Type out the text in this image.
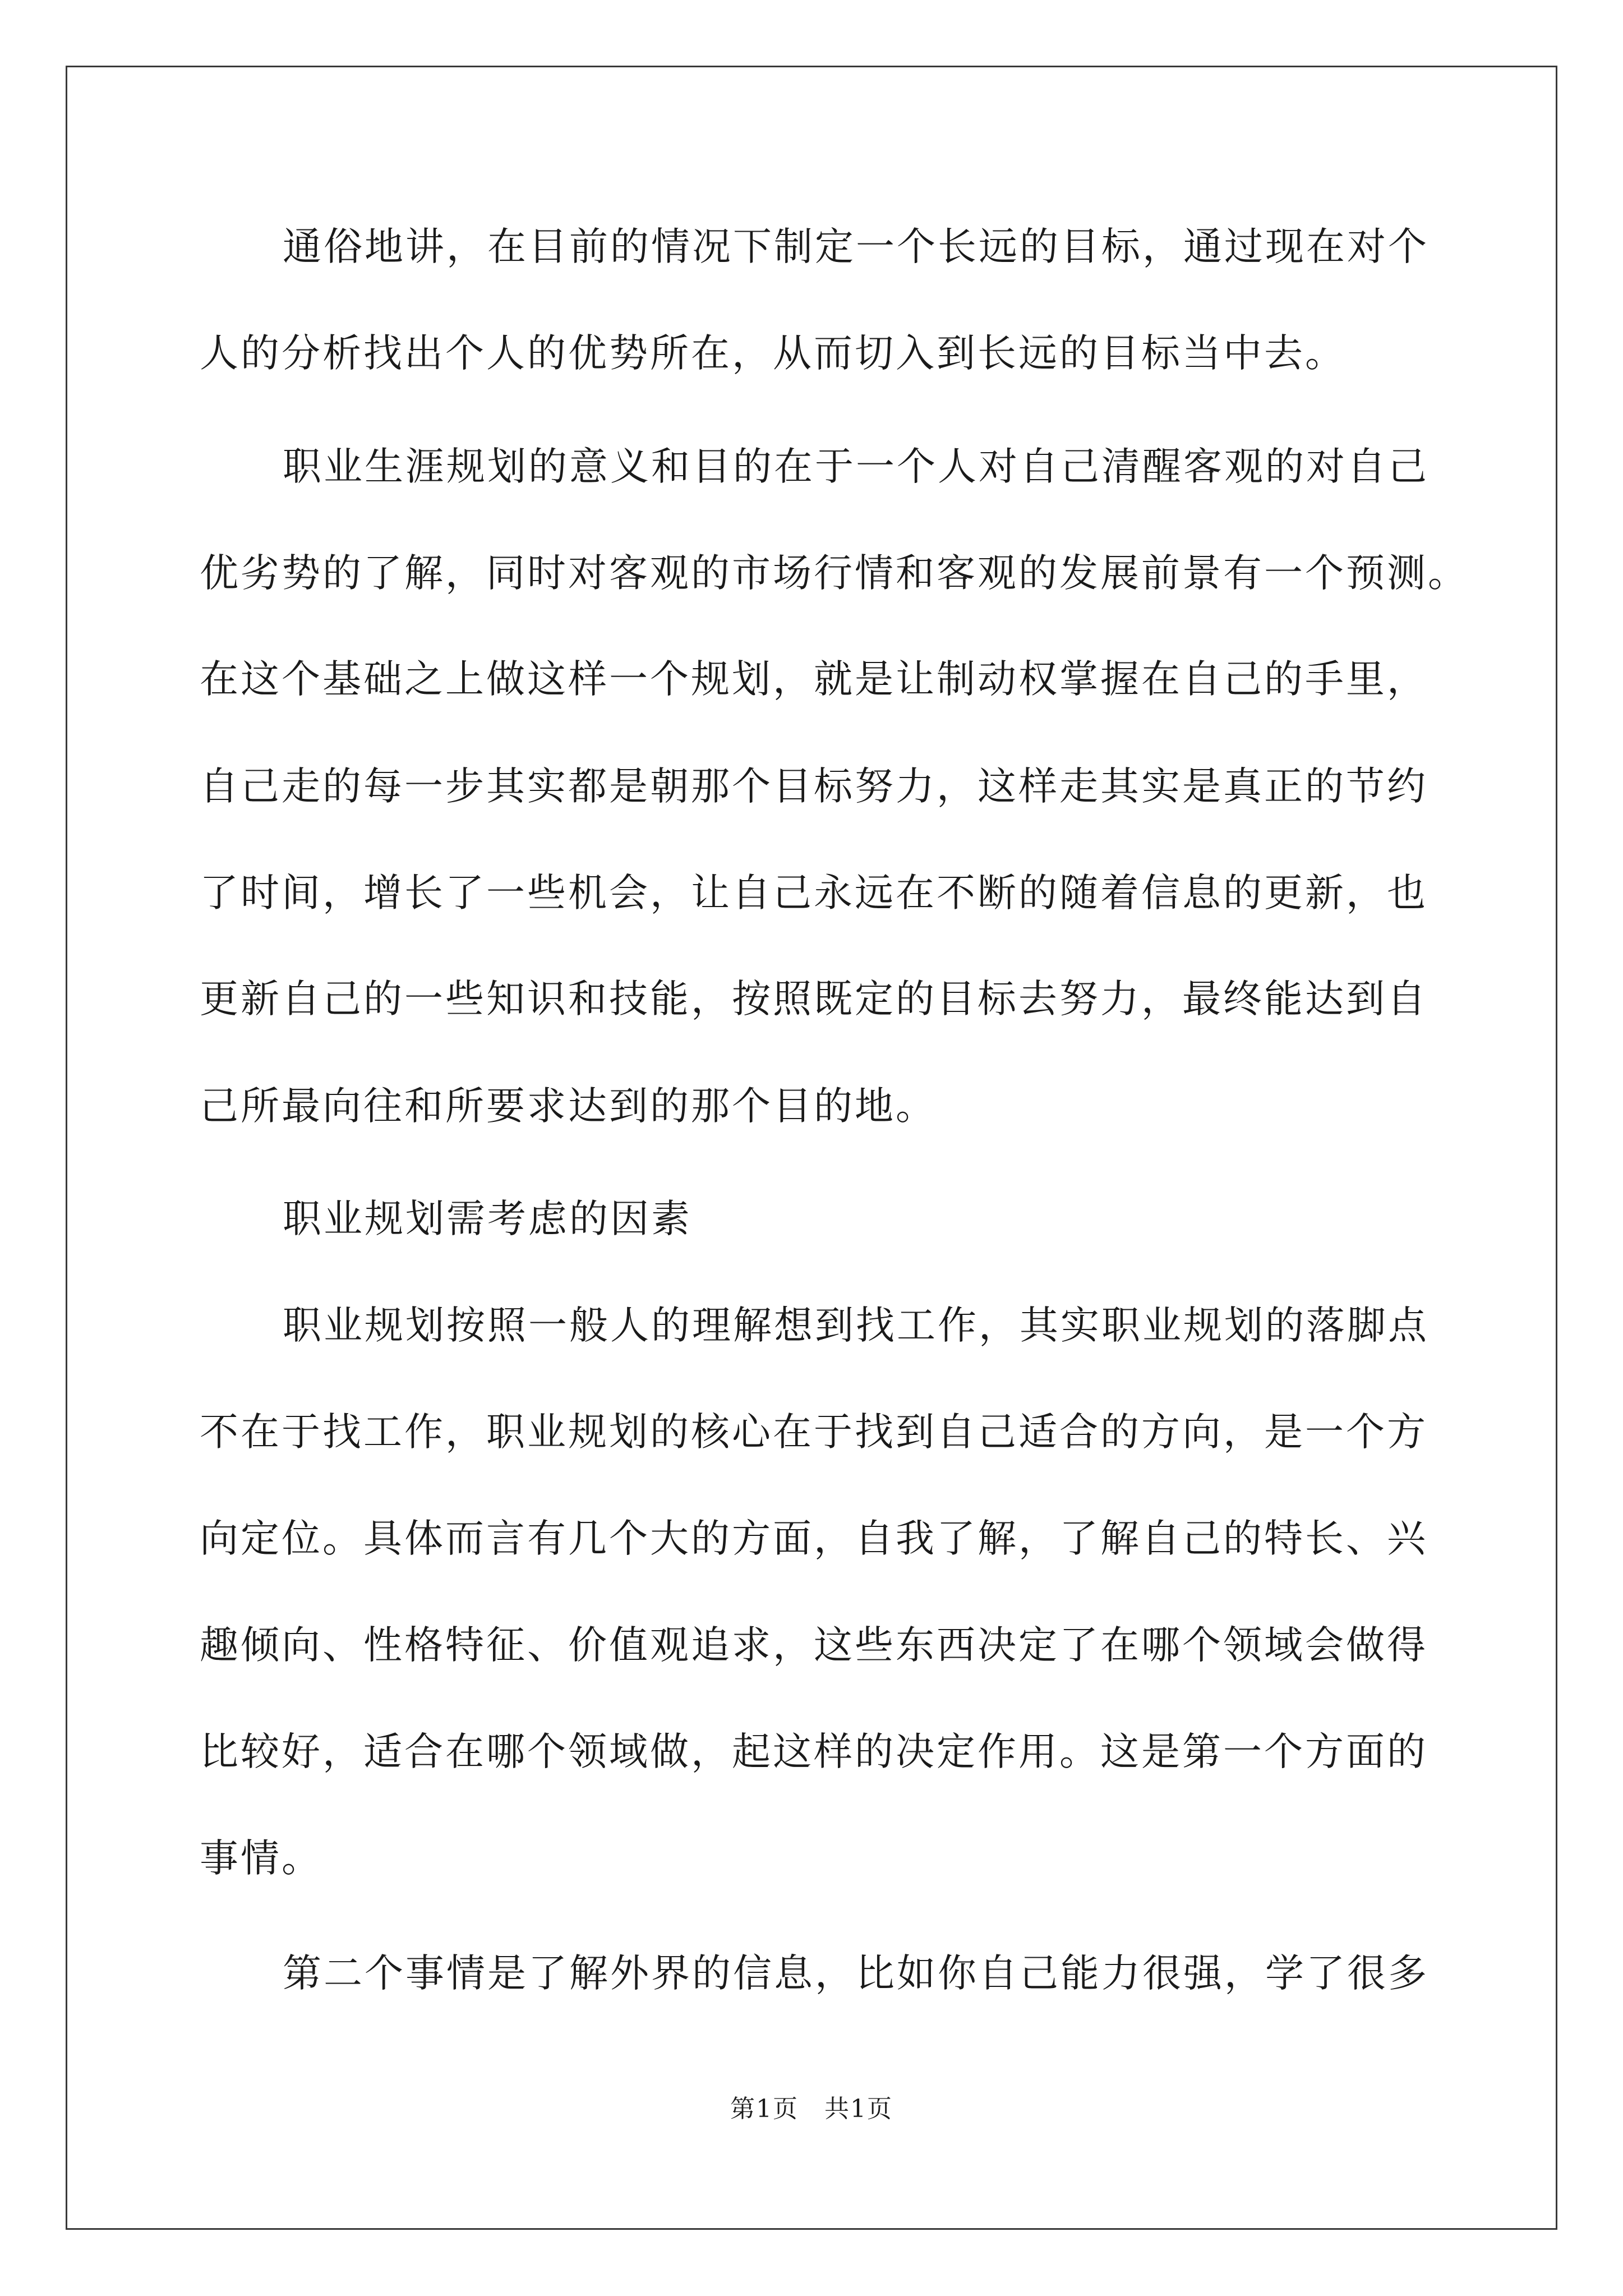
通俗地讲，在目前的情况下制定一个长远的目标，通过现在对个
人的分析找出个人的优势所在，从而切入到长远的目标当中去。
职业生涯规划的意义和目的在于一个人对自己清醒客观的对自己
优劣势的了解，同时对客观的市场行情和客观的发展前景有一个预测。
在这个基础之上做这样一个规划，就是让制动权掌握在自己的手里，
自己走的每一步其实都是朝那个目标努力，这样走其实是真正的节约
了时间，增长了一些机会，让自己永远在不断的随着信息的更新，也
更新自己的一些知识和技能，按照既定的目标去努力，最终能达到自
己所最向往和所要求达到的那个目的地。
职业规划需考虑的因素
职业规划按照一般人的理解想到找工作，其实职业规划的落脚点
不在于找工作，职业规划的核心在于找到自己适合的方向，是一个方
向定位。具体而言有几个大的方面，自我了解，了解自己的特长、兴
趣倾向、性格特征、价值观追求，这些东西决定了在哪个领域会做得
比较好，适合在哪个领域做，起这样的决定作用。这是第一个方面的
事情。
第二个事情是了解外界的信息，比如你自己能力很强，学了很多
第1页　共1页
